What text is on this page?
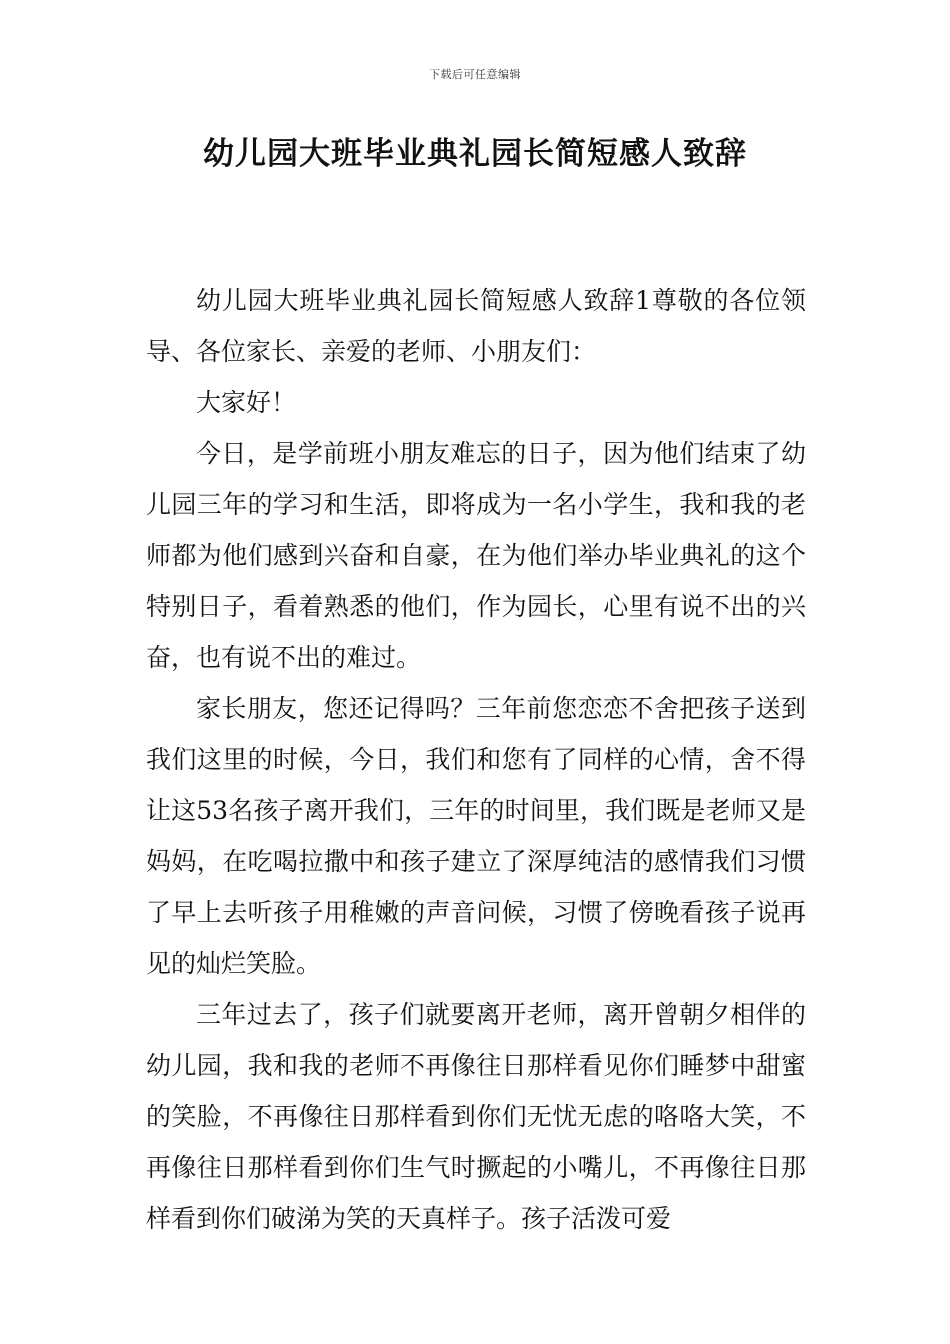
下载后可任意编辑
幼儿园大班毕业典礼园长简短感人致辞

幼儿园大班毕业典礼园长简短感人致辞1尊敬的各位领导、各位家长、亲爱的老师、小朋友们：

大家好！

今日，是学前班小朋友难忘的日子，因为他们结束了幼儿园三年的学习和生活，即将成为一名小学生，我和我的老师都为他们感到兴奋和自豪，在为他们举办毕业典礼的这个特别日子，看着熟悉的他们，作为园长，心里有说不出的兴奋，也有说不出的难过。

家长朋友，您还记得吗？三年前您恋恋不舍把孩子送到我们这里的时候，今日，我们和您有了同样的心情，舍不得让这53名孩子离开我们，三年的时间里，我们既是老师又是妈妈，在吃喝拉撒中和孩子建立了深厚纯洁的感情我们习惯了早上去听孩子用稚嫩的声音问候，习惯了傍晚看孩子说再见的灿烂笑脸。

三年过去了，孩子们就要离开老师，离开曾朝夕相伴的幼儿园，我和我的老师不再像往日那样看见你们睡梦中甜蜜的笑脸，不再像往日那样看到你们无忧无虑的咯咯大笑，不再像往日那样看到你们生气时撅起的小嘴儿，不再像往日那样看到你们破涕为笑的天真样子。孩子活泼可爱
